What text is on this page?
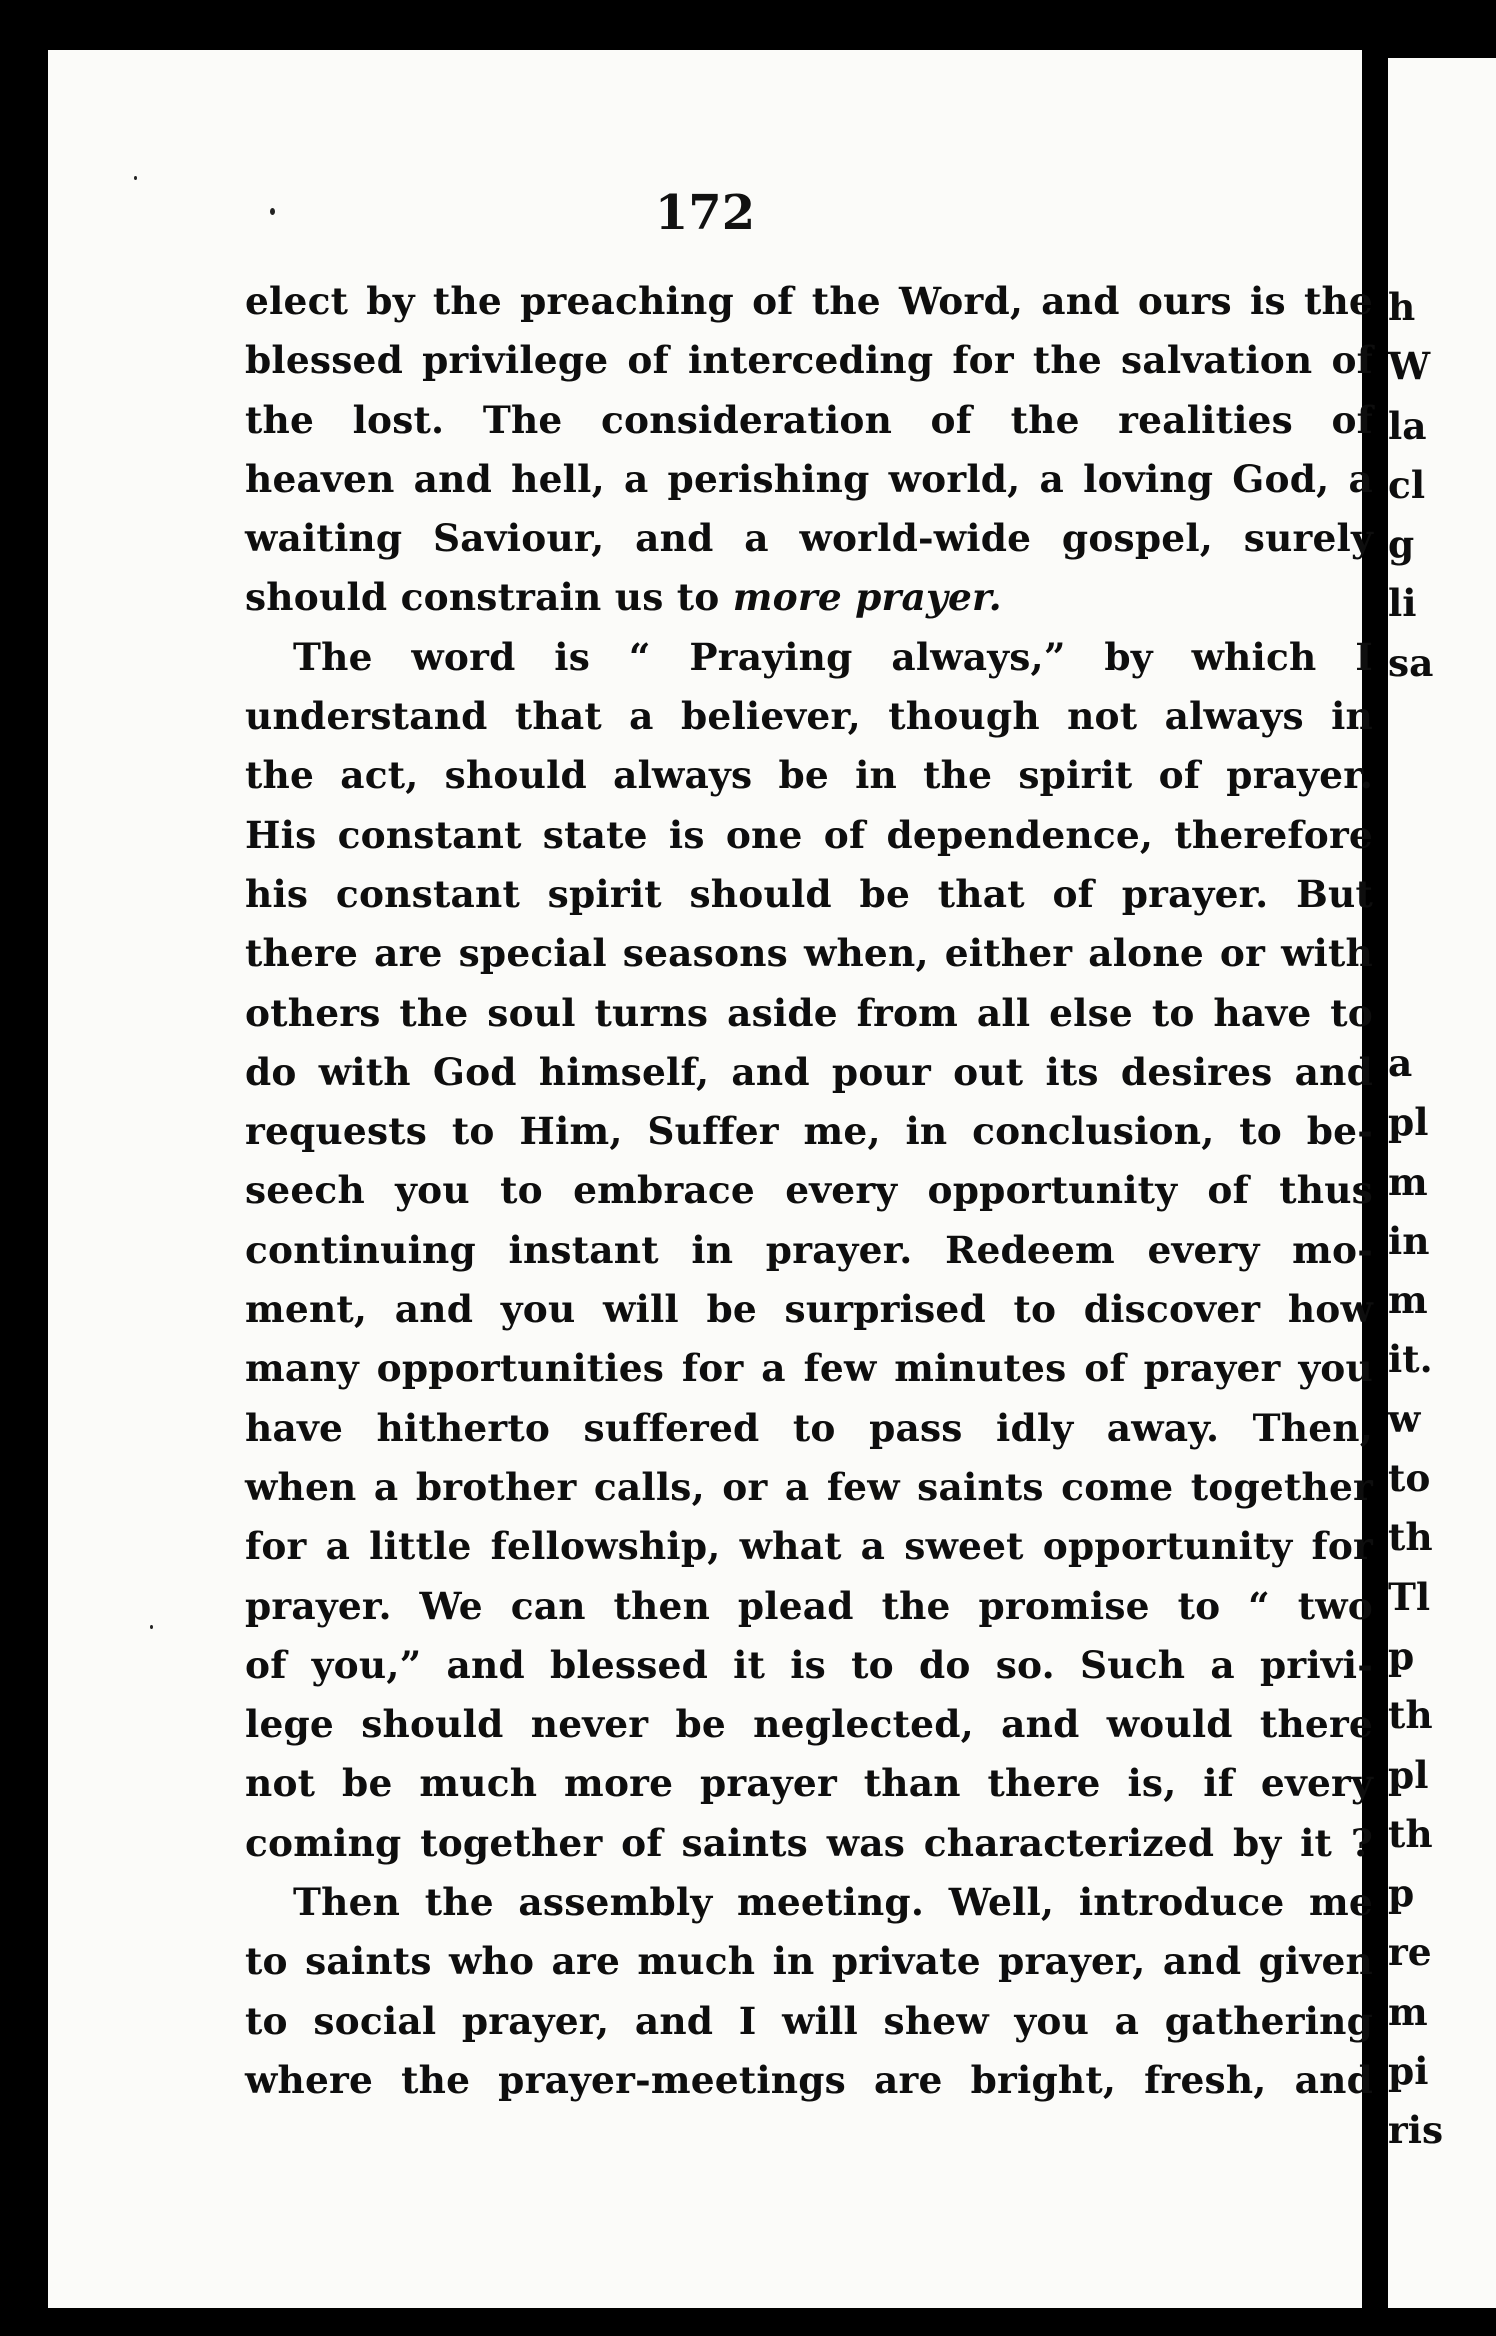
172
elect by the preaching of the Word, and ours is the
blessed privilege of interceding for the salvation of
the lost. The consideration of the realities of
heaven and hell, a perishing world, a loving God, a
waiting Saviour, and a world-wide gospel, surely
should constrain us to more prayer.
The word is “ Praying always,” by which I
understand that a believer, though not always in
the act, should always be in the spirit of prayer.
His constant state is one of dependence, therefore
his constant spirit should be that of prayer. But
there are special seasons when, either alone or with
others the soul turns aside from all else to have to
do with God himself, and pour out its desires and
requests to Him, Suffer me, in conclusion, to be-
seech you to embrace every opportunity of thus
continuing instant in prayer. Redeem every mo-
ment, and you will be surprised to discover how
many opportunities for a few minutes of prayer you
have hitherto suffered to pass idly away. Then,
when a brother calls, or a few saints come together
for a little fellowship, what a sweet opportunity for
prayer. We can then plead the promise to “ two
of you,” and blessed it is to do so. Such a privi-
lege should never be neglected, and would there
not be much more prayer than there is, if every
coming together of saints was characterized by it ?
Then the assembly meeting. Well, introduce me
to saints who are much in private prayer, and given
to social prayer, and I will shew you a gathering
where the prayer-meetings are bright, fresh, and
h
W
la
cl
g
li
sa
a
pl
m
in
m
it.
w
to
th
Tl
p
th
pl
th
p
re
m
pi
ris
